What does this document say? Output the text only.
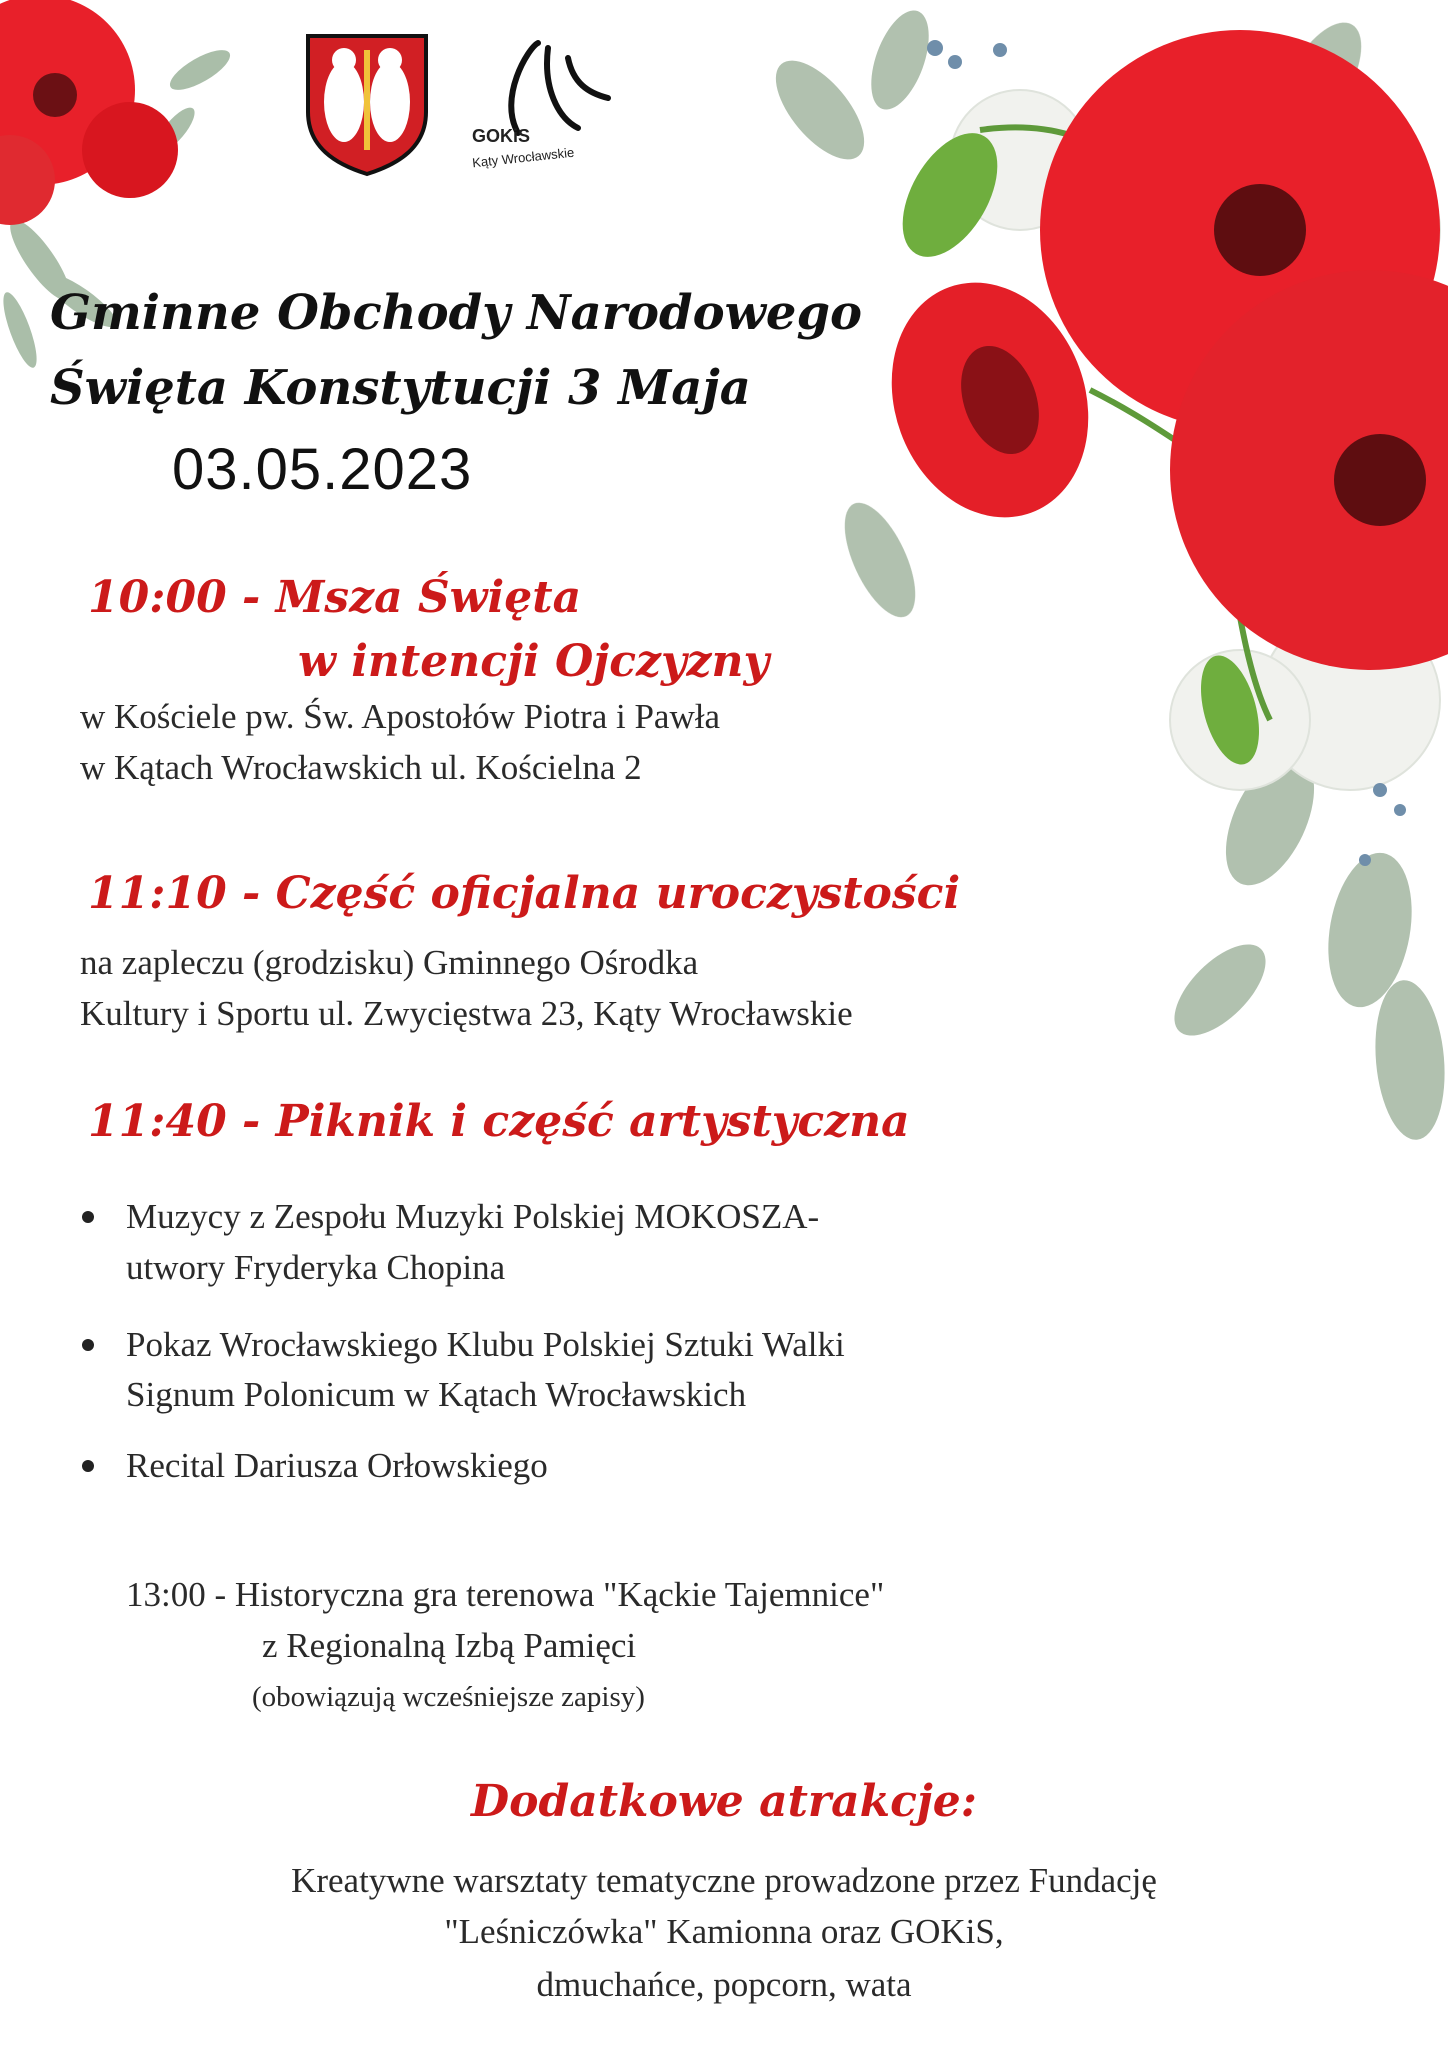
GOKiS
Kąty Wrocławskie
Gminne Obchody Narodowego
Święta Konstytucji 3 Maja
03.05.2023
10:00 - Msza Święta
w intencji Ojczyzny
w Kościele pw. Św. Apostołów Piotra i Pawła
w Kątach Wrocławskich ul. Kościelna 2
11:10 - Część oficjalna uroczystości
na zapleczu (grodzisku) Gminnego Ośrodka
Kultury i Sportu ul. Zwycięstwa 23, Kąty Wrocławskie
11:40 - Piknik i część artystyczna
Muzycy z Zespołu Muzyki Polskiej MOKOSZA-
utwory Fryderyka Chopina
Pokaz Wrocławskiego Klubu Polskiej Sztuki Walki
Signum Polonicum w Kątach Wrocławskich
Recital Dariusza Orłowskiego
13:00 - Historyczna gra terenowa "Kąckie Tajemnice"
z Regionalną Izbą Pamięci
(obowiązują wcześniejsze zapisy)
Dodatkowe atrakcje:
Kreatywne warsztaty tematyczne prowadzone przez Fundację
"Leśniczówka" Kamionna oraz GOKiS,
dmuchańce, popcorn, wata
